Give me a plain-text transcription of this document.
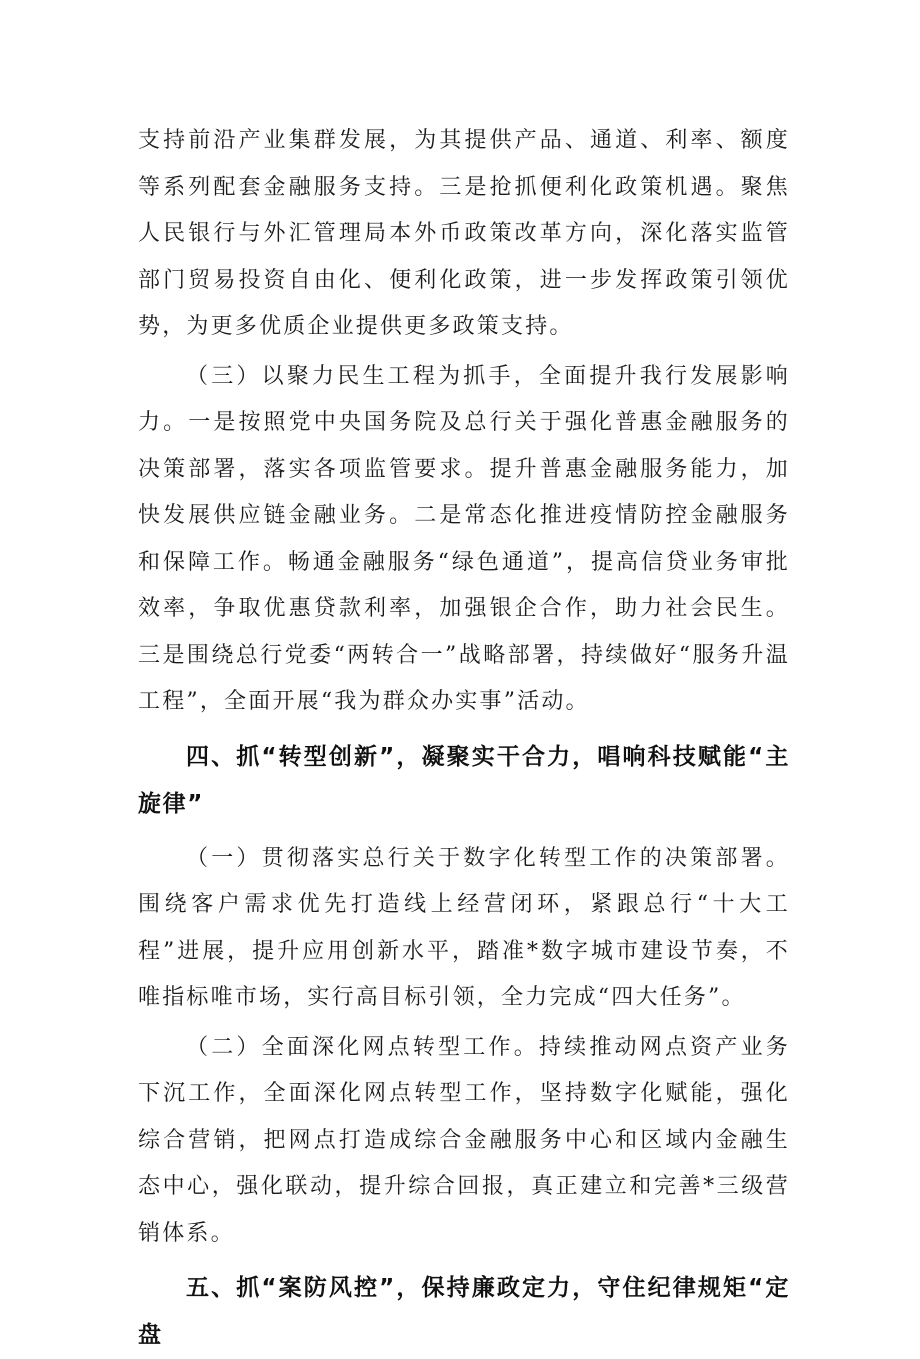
支持前沿产业集群发展，为其提供产品、通道、利率、额度等系列配套金融服务支持。三是抢抓便利化政策机遇。聚焦人民银行与外汇管理局本外币政策改革方向，深化落实监管部门贸易投资自由化、便利化政策，进一步发挥政策引领优势，为更多优质企业提供更多政策支持。

（三）以聚力民生工程为抓手，全面提升我行发展影响力。一是按照党中央国务院及总行关于强化普惠金融服务的决策部署，落实各项监管要求。提升普惠金融服务能力，加快发展供应链金融业务。二是常态化推进疫情防控金融服务和保障工作。畅通金融服务“绿色通道”，提高信贷业务审批效率，争取优惠贷款利率，加强银企合作，助力社会民生。三是围绕总行党委“两转合一”战略部署，持续做好“服务升温工程”，全面开展“我为群众办实事”活动。

四、抓“转型创新”，凝聚实干合力，唱响科技赋能“主旋律”

（一）贯彻落实总行关于数字化转型工作的决策部署。围绕客户需求优先打造线上经营闭环，紧跟总行“十大工程”进展，提升应用创新水平，踏准*数字城市建设节奏，不唯指标唯市场，实行高目标引领，全力完成“四大任务”。

（二）全面深化网点转型工作。持续推动网点资产业务下沉工作，全面深化网点转型工作，坚持数字化赋能，强化综合营销，把网点打造成综合金融服务中心和区域内金融生态中心，强化联动，提升综合回报，真正建立和完善*三级营销体系。

五、抓“案防风控”，保持廉政定力，守住纪律规矩“定盘
